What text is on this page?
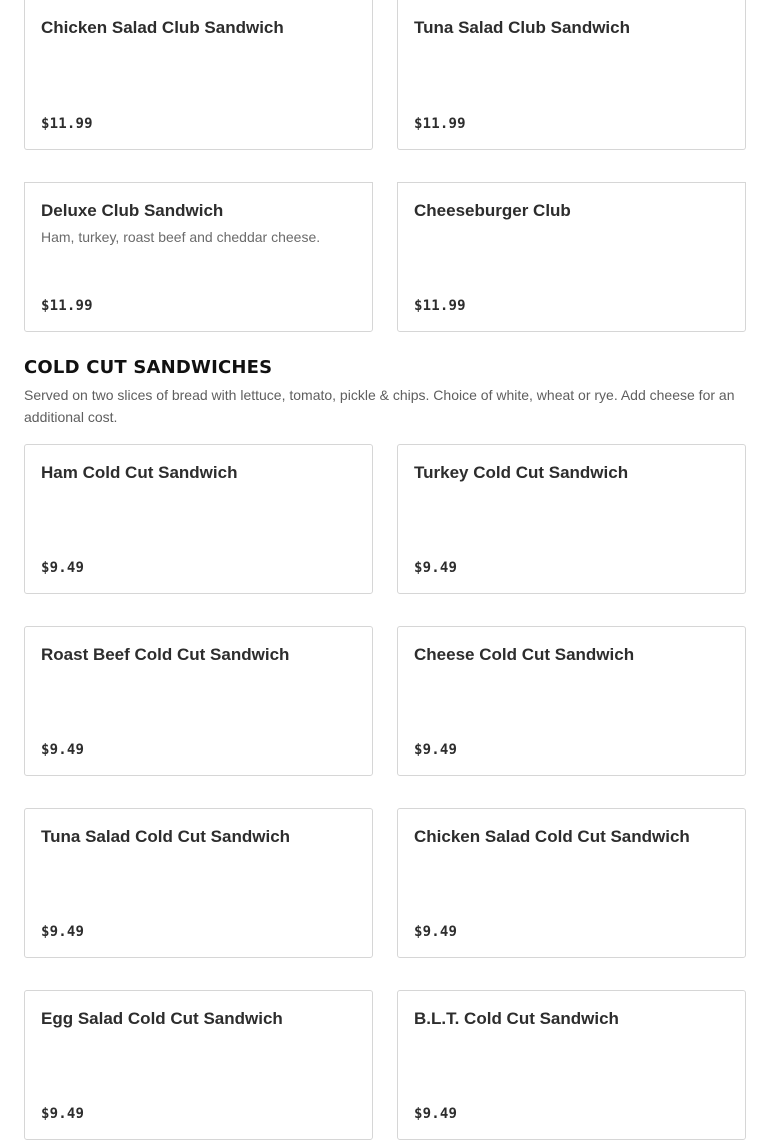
Chicken Salad Club Sandwich
$11.99
Tuna Salad Club Sandwich
$11.99
Deluxe Club Sandwich
Ham, turkey, roast beef and cheddar cheese.
$11.99
Cheeseburger Club
$11.99
COLD CUT SANDWICHES
Served on two slices of bread with lettuce, tomato, pickle & chips. Choice of white, wheat or rye. Add cheese for an additional cost.
Ham Cold Cut Sandwich
$9.49
Turkey Cold Cut Sandwich
$9.49
Roast Beef Cold Cut Sandwich
$9.49
Cheese Cold Cut Sandwich
$9.49
Tuna Salad Cold Cut Sandwich
$9.49
Chicken Salad Cold Cut Sandwich
$9.49
Egg Salad Cold Cut Sandwich
$9.49
B.L.T. Cold Cut Sandwich
$9.49
